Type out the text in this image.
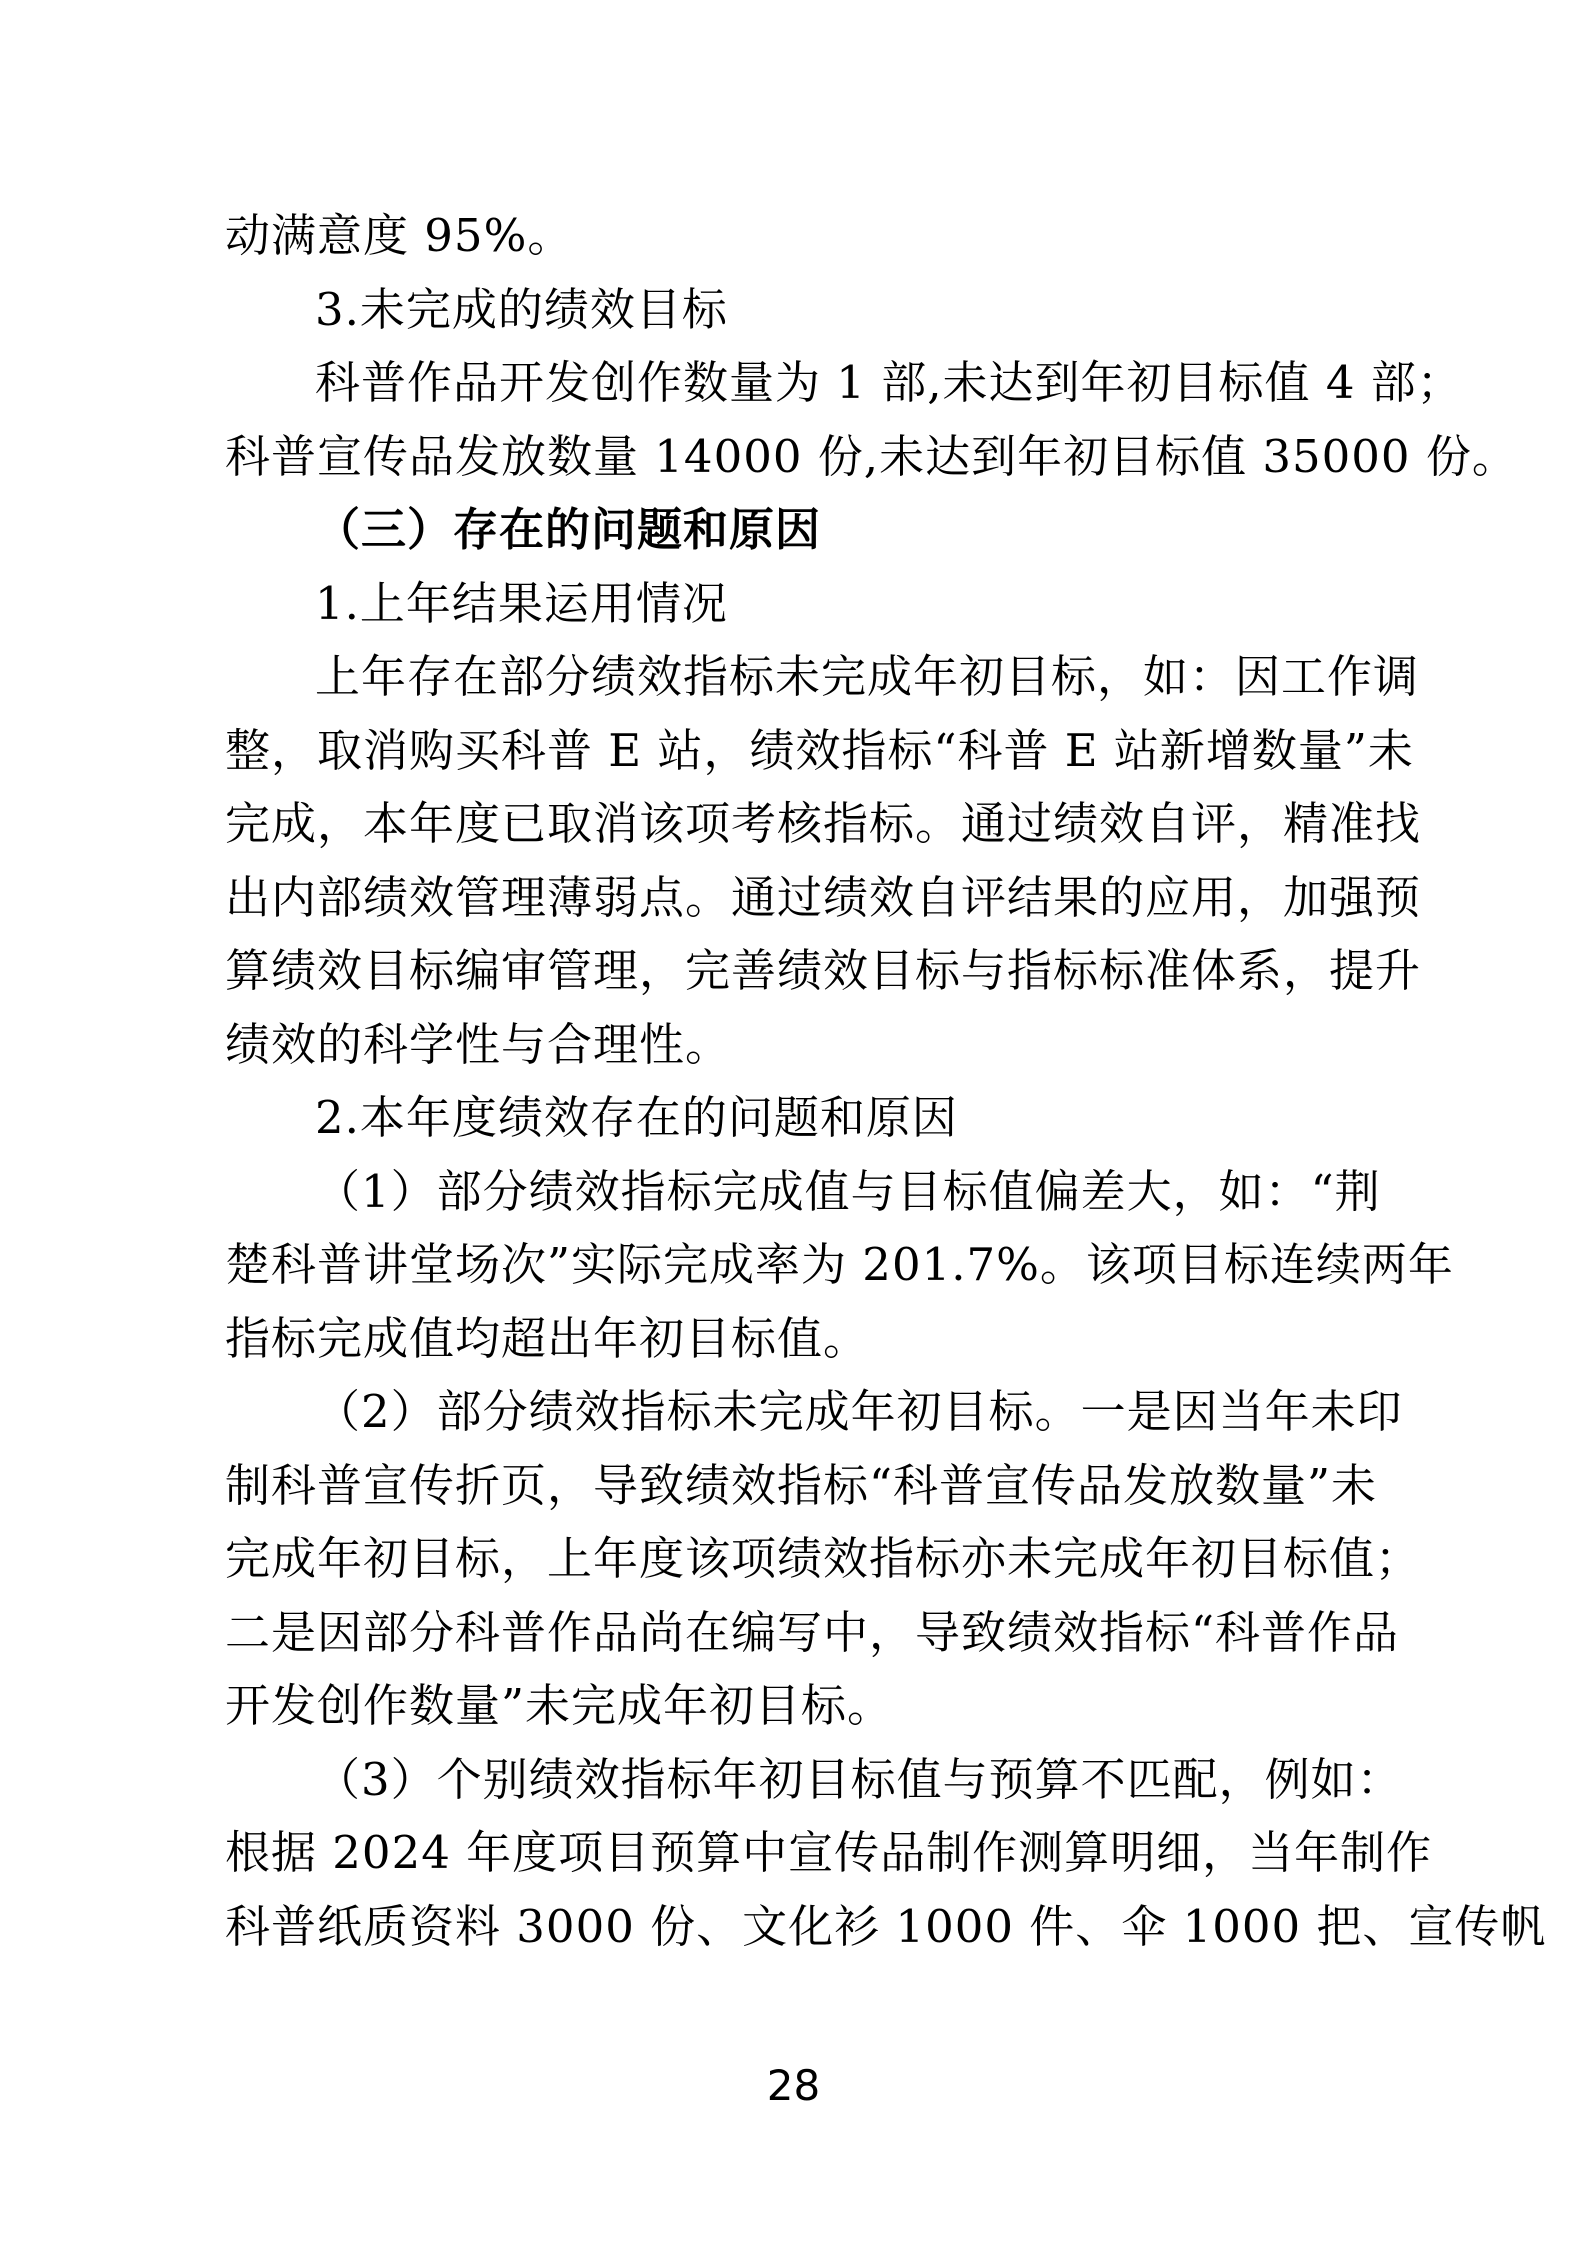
动满意度 95%。
3.未完成的绩效目标
科普作品开发创作数量为 1 部,未达到年初目标值 4 部；
科普宣传品发放数量 14000 份,未达到年初目标值 35000 份。
（三）存在的问题和原因
1.上年结果运用情况
上年存在部分绩效指标未完成年初目标，如：因工作调
整，取消购买科普 E 站，绩效指标“科普 E 站新增数量”未
完成，本年度已取消该项考核指标。通过绩效自评，精准找
出内部绩效管理薄弱点。通过绩效自评结果的应用，加强预
算绩效目标编审管理，完善绩效目标与指标标准体系，提升
绩效的科学性与合理性。
2.本年度绩效存在的问题和原因
（1）部分绩效指标完成值与目标值偏差大，如：“荆
楚科普讲堂场次”实际完成率为 201.7%。该项目标连续两年
指标完成值均超出年初目标值。
（2）部分绩效指标未完成年初目标。一是因当年未印
制科普宣传折页，导致绩效指标“科普宣传品发放数量”未
完成年初目标，上年度该项绩效指标亦未完成年初目标值；
二是因部分科普作品尚在编写中，导致绩效指标“科普作品
开发创作数量”未完成年初目标。
（3）个别绩效指标年初目标值与预算不匹配，例如：
根据 2024 年度项目预算中宣传品制作测算明细，当年制作
科普纸质资料 3000 份、文化衫 1000 件、伞 1000 把、宣传帆
28
